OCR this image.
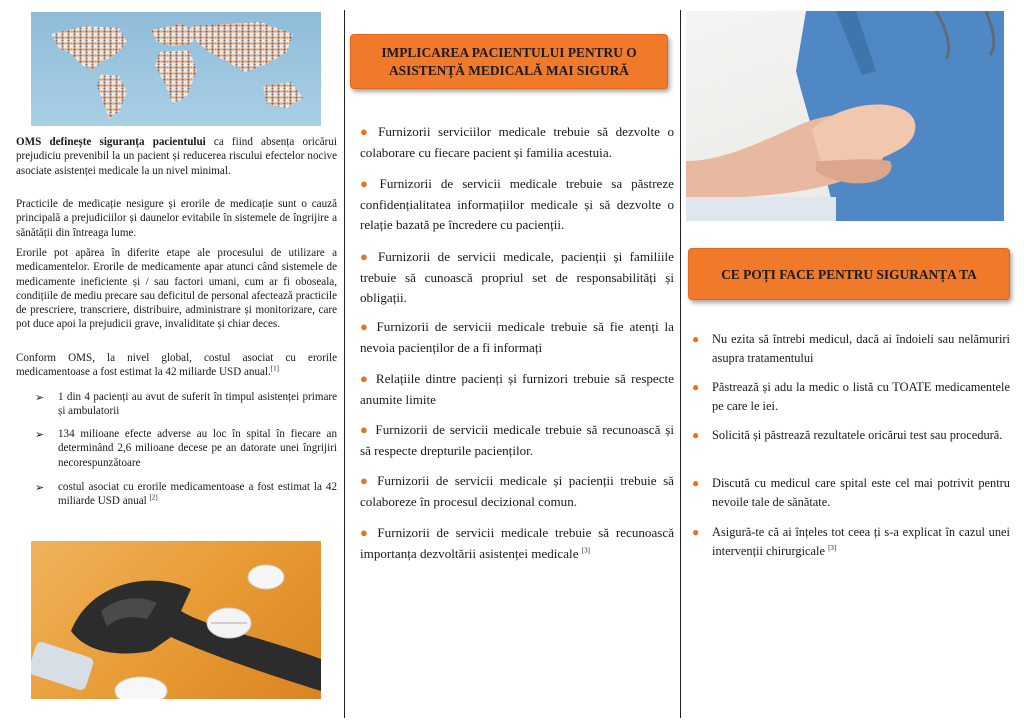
OMS definește siguranța pacientului ca fiind absența oricărui prejudiciu prevenibil la un pacient și reducerea riscului efectelor nocive asociate asistenței medicale la un nivel minimal.

Practicile de medicație nesigure și erorile de medicație sunt o cauză principală a prejudiciilor și daunelor evitabile în sistemele de îngrijire a sănătății din întreaga lume.

Erorile pot apărea în diferite etape ale procesului de utilizare a medicamentelor. Erorile de medicamente apar atunci când sistemele de medicamente ineficiente și / sau factori umani, cum ar fi oboseala, condițiile de mediu precare sau deficitul de personal afectează practicile de prescriere, transcriere, distribuire, administrare și monitorizare, care pot duce apoi la prejudicii grave, invaliditate și chiar deces.

Conform OMS, la nivel global, costul asociat cu erorile medicamentoase a fost estimat la 42 miliarde USD anual.[1]

➢ 1 din 4 pacienți au avut de suferit în timpul asistenței primare și ambulatorii

➢ 134 milioane efecte adverse au loc în spital în fiecare an determinând 2,6 milioane decese pe an datorate unei îngrijiri necorespunzătoare

➢ costul asociat cu erorile medicamentoase a fost estimat la 42 miliarde USD anual [2]

IMPLICAREA PACIENTULUI PENTRU O
ASISTENȚĂ MEDICALĂ MAI SIGURĂ

● Furnizorii serviciilor medicale trebuie să dezvolte o colaborare cu fiecare pacient și familia acestuia.

● Furnizorii de servicii medicale trebuie sa păstreze confidențialitatea informațiilor medicale și să dezvolte o relație bazată pe încredere cu pacienții.

● Furnizorii de servicii medicale, pacienții și familiile trebuie să cunoască propriul set de responsabilități și obligații.

● Furnizorii de servicii medicale trebuie să fie atenți la nevoia pacienților de a fi informați

● Relațiile dintre pacienți și furnizori trebuie să respecte anumite limite

● Furnizorii de servicii medicale trebuie să recunoască și să respecte drepturile pacienților.

● Furnizorii de servicii medicale și pacienții trebuie să colaboreze în procesul decizional comun.

● Furnizorii de servicii medicale trebuie să recunoască importanța dezvoltării asistenței medicale [3]

CE POȚI FACE PENTRU SIGURANȚA TA
● Nu ezita să întrebi medicul, dacă ai îndoieli sau nelămuriri asupra tratamentului

● Păstrează și adu la medic o listă cu TOATE medicamentele pe care le iei.

● Solicită și păstrează rezultatele oricărui test sau procedură.

● Discută cu medicul care spital este cel mai potrivit pentru nevoile tale de sănătate.

● Asigură-te că ai înțeles tot ceea ți s-a explicat în cazul unei intervenții chirurgicale [3]
